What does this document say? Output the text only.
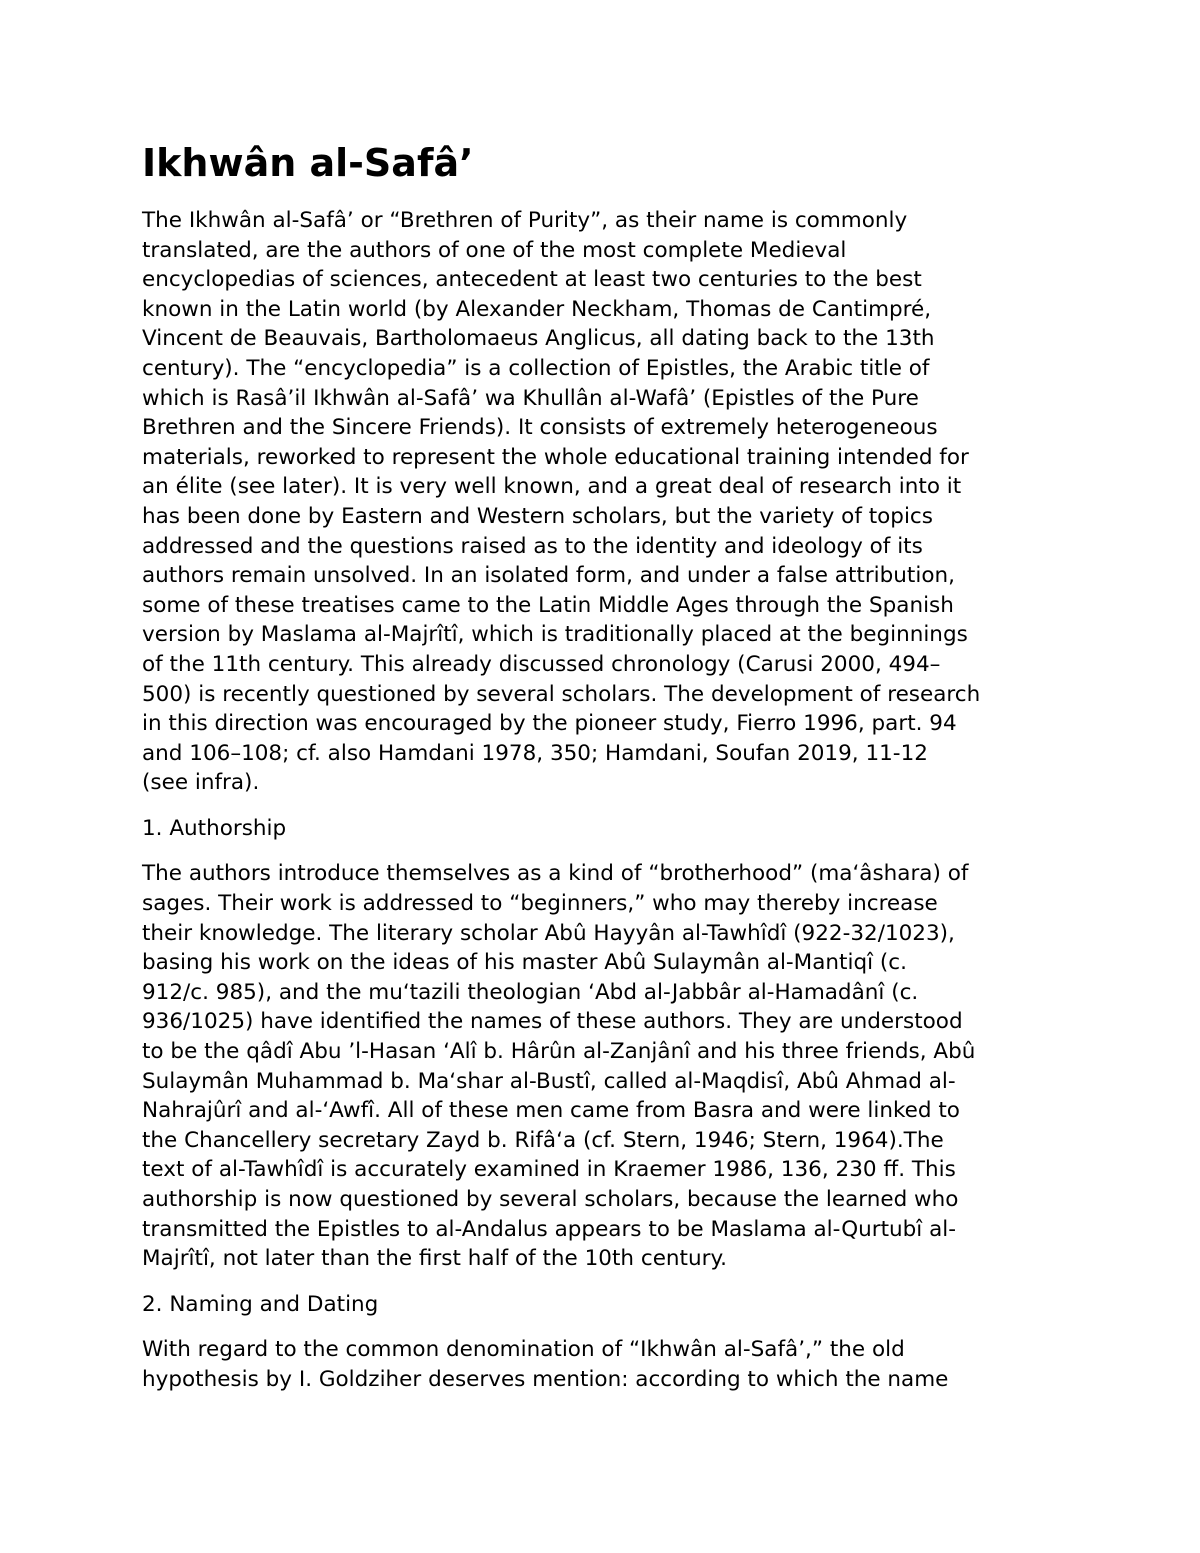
Ikhwân al-Safâ’
The Ikhwân al-Safâ’ or “Brethren of Purity”, as their name is commonly
translated, are the authors of one of the most complete Medieval
encyclopedias of sciences, antecedent at least two centuries to the best
known in the Latin world (by Alexander Neckham, Thomas de Cantimpré,
Vincent de Beauvais, Bartholomaeus Anglicus, all dating back to the 13th
century). The “encyclopedia” is a collection of Epistles, the Arabic title of
which is Rasâ’il Ikhwân al-Safâ’ wa Khullân al-Wafâ’ (Epistles of the Pure
Brethren and the Sincere Friends). It consists of extremely heterogeneous
materials, reworked to represent the whole educational training intended for
an élite (see later). It is very well known, and a great deal of research into it
has been done by Eastern and Western scholars, but the variety of topics
addressed and the questions raised as to the identity and ideology of its
authors remain unsolved. In an isolated form, and under a false attribution,
some of these treatises came to the Latin Middle Ages through the Spanish
version by Maslama al-Majrîtî, which is traditionally placed at the beginnings
of the 11th century. This already discussed chronology (Carusi 2000, 494–
500) is recently questioned by several scholars. The development of research
in this direction was encouraged by the pioneer study, Fierro 1996, part. 94
and 106–108; cf. also Hamdani 1978, 350; Hamdani, Soufan 2019, 11-12
(see infra).
1. Authorship
The authors introduce themselves as a kind of “brotherhood” (ma‘âshara) of
sages. Their work is addressed to “beginners,” who may thereby increase
their knowledge. The literary scholar Abû Hayyân al-Tawhîdî (922-32/1023),
basing his work on the ideas of his master Abû Sulaymân al-Mantiqî (c.
912/c. 985), and the mu‘tazili theologian ‘Abd al-Jabbâr al-Hamadânî (c.
936/1025) have identified the names of these authors. They are understood
to be the qâdî Abu ’l-Hasan ‘Alî b. Hârûn al-Zanjânî and his three friends, Abû
Sulaymân Muhammad b. Ma‘shar al-Bustî, called al-Maqdisî, Abû Ahmad al-
Nahrajûrî and al-‘Awfî. All of these men came from Basra and were linked to
the Chancellery secretary Zayd b. Rifâ‘a (cf. Stern, 1946; Stern, 1964).The
text of al-Tawhîdî is accurately examined in Kraemer 1986, 136, 230 ff. This
authorship is now questioned by several scholars, because the learned who
transmitted the Epistles to al-Andalus appears to be Maslama al-Qurtubî al-
Majrîtî, not later than the first half of the 10th century.
2. Naming and Dating
With regard to the common denomination of “Ikhwân al-Safâ’,” the old
hypothesis by I. Goldziher deserves mention: according to which the name
